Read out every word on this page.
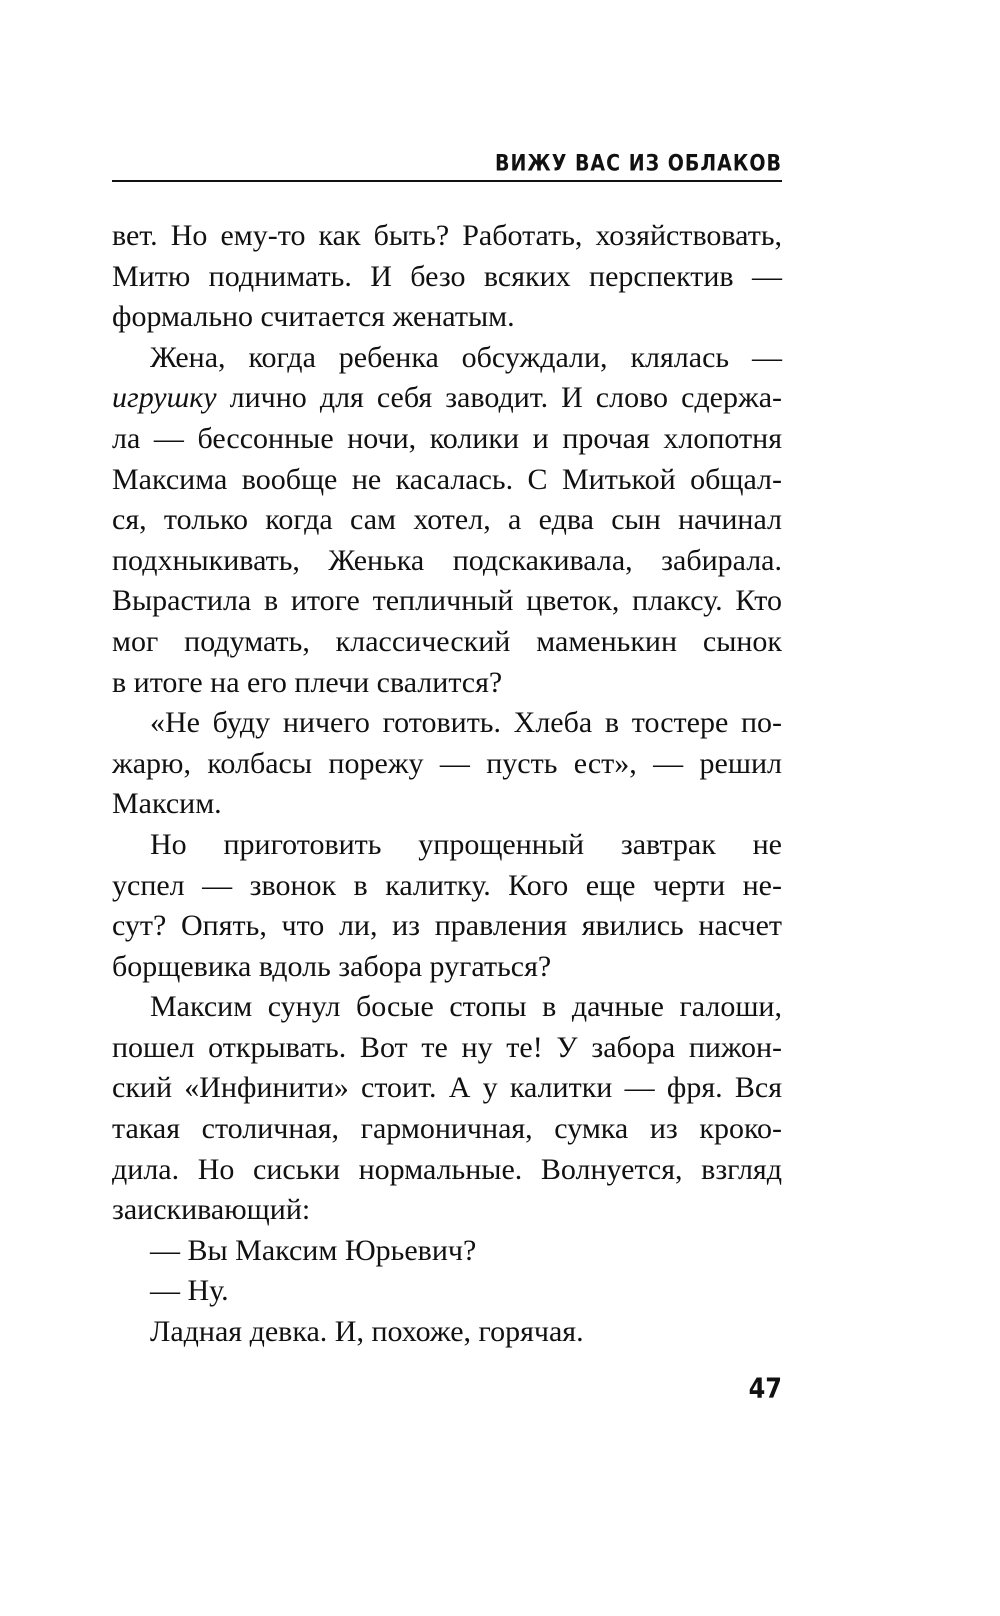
ВИЖУ ВАС ИЗ ОБЛАКОВ
вет. Но ему-то как быть? Работать, хозяйствовать,
Митю поднимать. И безо всяких перспектив —
формально считается женатым.
Жена, когда ребенка обсуждали, клялась —
игрушку лично для себя заводит. И слово сдержа-
ла — бессонные ночи, колики и прочая хлопотня
Максима вообще не касалась. С Митькой общал-
ся, только когда сам хотел, а едва сын начинал
подхныкивать, Женька подскакивала, забирала.
Вырастила в итоге тепличный цветок, плаксу. Кто
мог подумать, классический маменькин сынок
в итоге на его плечи свалится?
«Не буду ничего готовить. Хлеба в тостере по-
жарю, колбасы порежу — пусть ест», — решил
Максим.
Но приготовить упрощенный завтрак не
успел — звонок в калитку. Кого еще черти не-
сут? Опять, что ли, из правления явились насчет
борщевика вдоль забора ругаться?
Максим сунул босые стопы в дачные галоши,
пошел открывать. Вот те ну те! У забора пижон-
ский «Инфинити» стоит. А у калитки — фря. Вся
такая столичная, гармоничная, сумка из кроко-
дила. Но сиськи нормальные. Волнуется, взгляд
заискивающий:
— Вы Максим Юрьевич?
— Ну.
Ладная девка. И, похоже, горячая.
47
